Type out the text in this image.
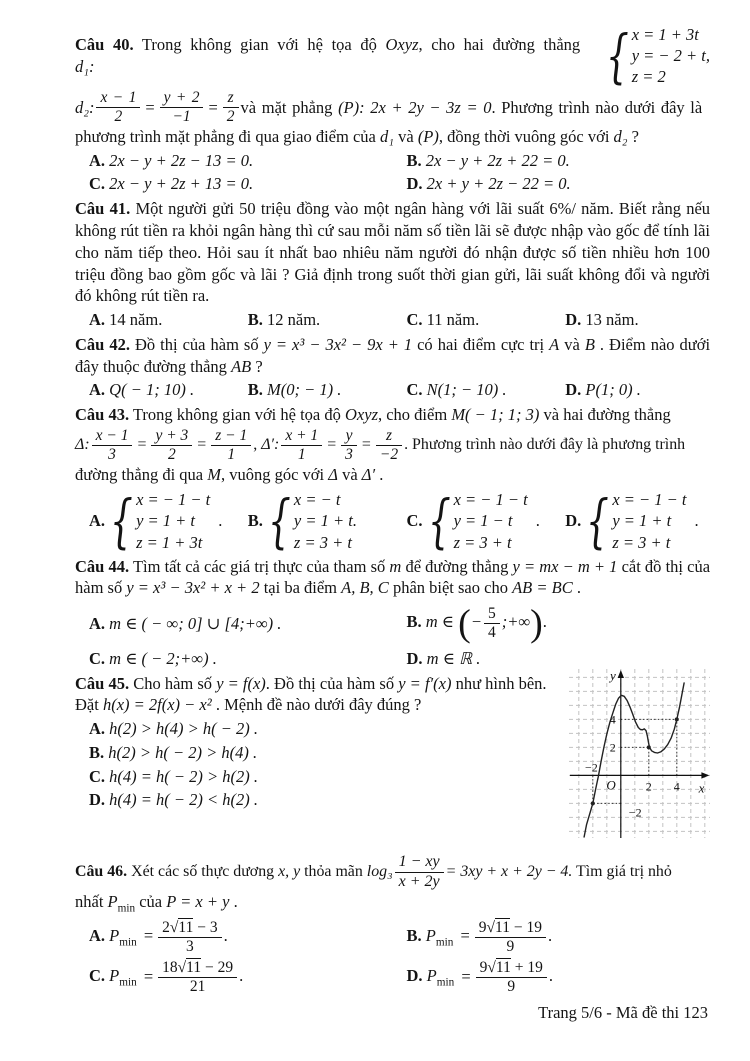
Câu 40. Trong không gian với hệ tọa độ Oxyz, cho hai đường thẳng d₁:	{ x = 1 + 3t
y = − 2 + t,
z = 2
d₂: $\frac{x - 1}{2} = \frac{y + 2}{-1} = \frac{z}{2}$ và mặt phẳng (P): 2x + 2y − 3z = 0. Phương trình nào dưới đây là

phương trình mặt phẳng đi qua giao điểm của d₁ và (P), đồng thời vuông góc với d₂ ?

A. 2x − y + 2z − 13 = 0.	B. 2x − y + 2z + 22 = 0.
C. 2x − y + 2z + 13 = 0.	D. 2x + y + 2z − 22 = 0.

Câu 41. Một người gửi 50 triệu đồng vào một ngân hàng với lãi suất 6%/ năm. Biết rằng nếu không rút tiền ra khỏi ngân hàng thì cứ sau mỗi năm số tiền lãi sẽ được nhập vào gốc để tính lãi cho năm tiếp theo. Hỏi sau ít nhất bao nhiêu năm người đó nhận được số tiền nhiều hơn 100 triệu đồng bao gồm gốc và lãi ? Giả định trong suốt thời gian gửi, lãi suất không đổi và người đó không rút tiền ra.

A. 14 năm.	B. 12 năm.	C. 11 năm.	D. 13 năm.

Câu 42. Đồ thị của hàm số y = x³ − 3x² − 9x + 1 có hai điểm cực trị A và B . Điểm nào dưới đây thuộc đường thẳng AB ?

A. Q( − 1; 10) .	B. M(0; − 1) .	C. N(1; − 10) .	D. P(1; 0) .

Câu 43. Trong không gian với hệ tọa độ Oxyz, cho điểm M( − 1; 1; 3) và hai đường thẳng

Δ: $\frac{x - 1}{3} = \frac{y + 3}{2} = \frac{z - 1}{1}$ , Δ′: $\frac{x + 1}{1} = \frac{y}{3} = \frac{z}{-2}$ . Phương trình nào dưới đây là phương trình

đường thẳng đi qua M, vuông góc với Δ và Δ′ .

A.
{ x = − 1 − t
y = 1 + t
z = 1 + 3t
. B.
{ x = − t
y = 1 + t.
z = 3 + t
C.
{ x = − 1 − t
y = 1 − t
z = 3 + t
. D.
{ x = − 1 − t
y = 1 + t
z = 3 + t
.

Câu 44. Tìm tất cả các giá trị thực của tham số m để đường thẳng y = mx − m + 1 cắt đồ thị của hàm số y = x³ − 3x² + x + 2 tại ba điểm A, B, C phân biệt sao cho AB = BC .

A. m ∈ ( − ∞; 0] ∪ [4;+∞) .	B. m ∈ (− $\frac{5}{4}$ ;+∞).
C. m ∈ ( − 2;+∞) .	D. m ∈ ℝ .

Câu 45. Cho hàm số y = f(x). Đồ thị của hàm số y = f′(x) như hình bên.

Đặt h(x) = 2f(x) − x² . Mệnh đề nào dưới đây đúng ?

A. h(2) > h(4) > h( − 2) .
B. h(2) > h( − 2) > h(4) .
C. h(4) = h( − 2) > h(2) .
D. h(4) = h( − 2) < h(2) .
y
x
O	2 4
−2
2
4
−2
Câu 46.
Xét các số thực dương x, y thỏa mãn $\log_3 \frac{1 - xy}{x + 2y} = 3xy + x + 2y - 4$. Tìm giá trị nhỏ

nhất $P_{min}$ của P = x + y .

A. $P_{min} = \frac{2√11 - 3}{3}$ .	B. $P_{min} = \frac{9√11 - 19}{9}$ .
C. $P_{min} = \frac{18√11 - 29}{21}$ .	D. $P_{min} = \frac{9√11 + 19}{9}$ .
Trang 5/6 - Mã đề thi 123
